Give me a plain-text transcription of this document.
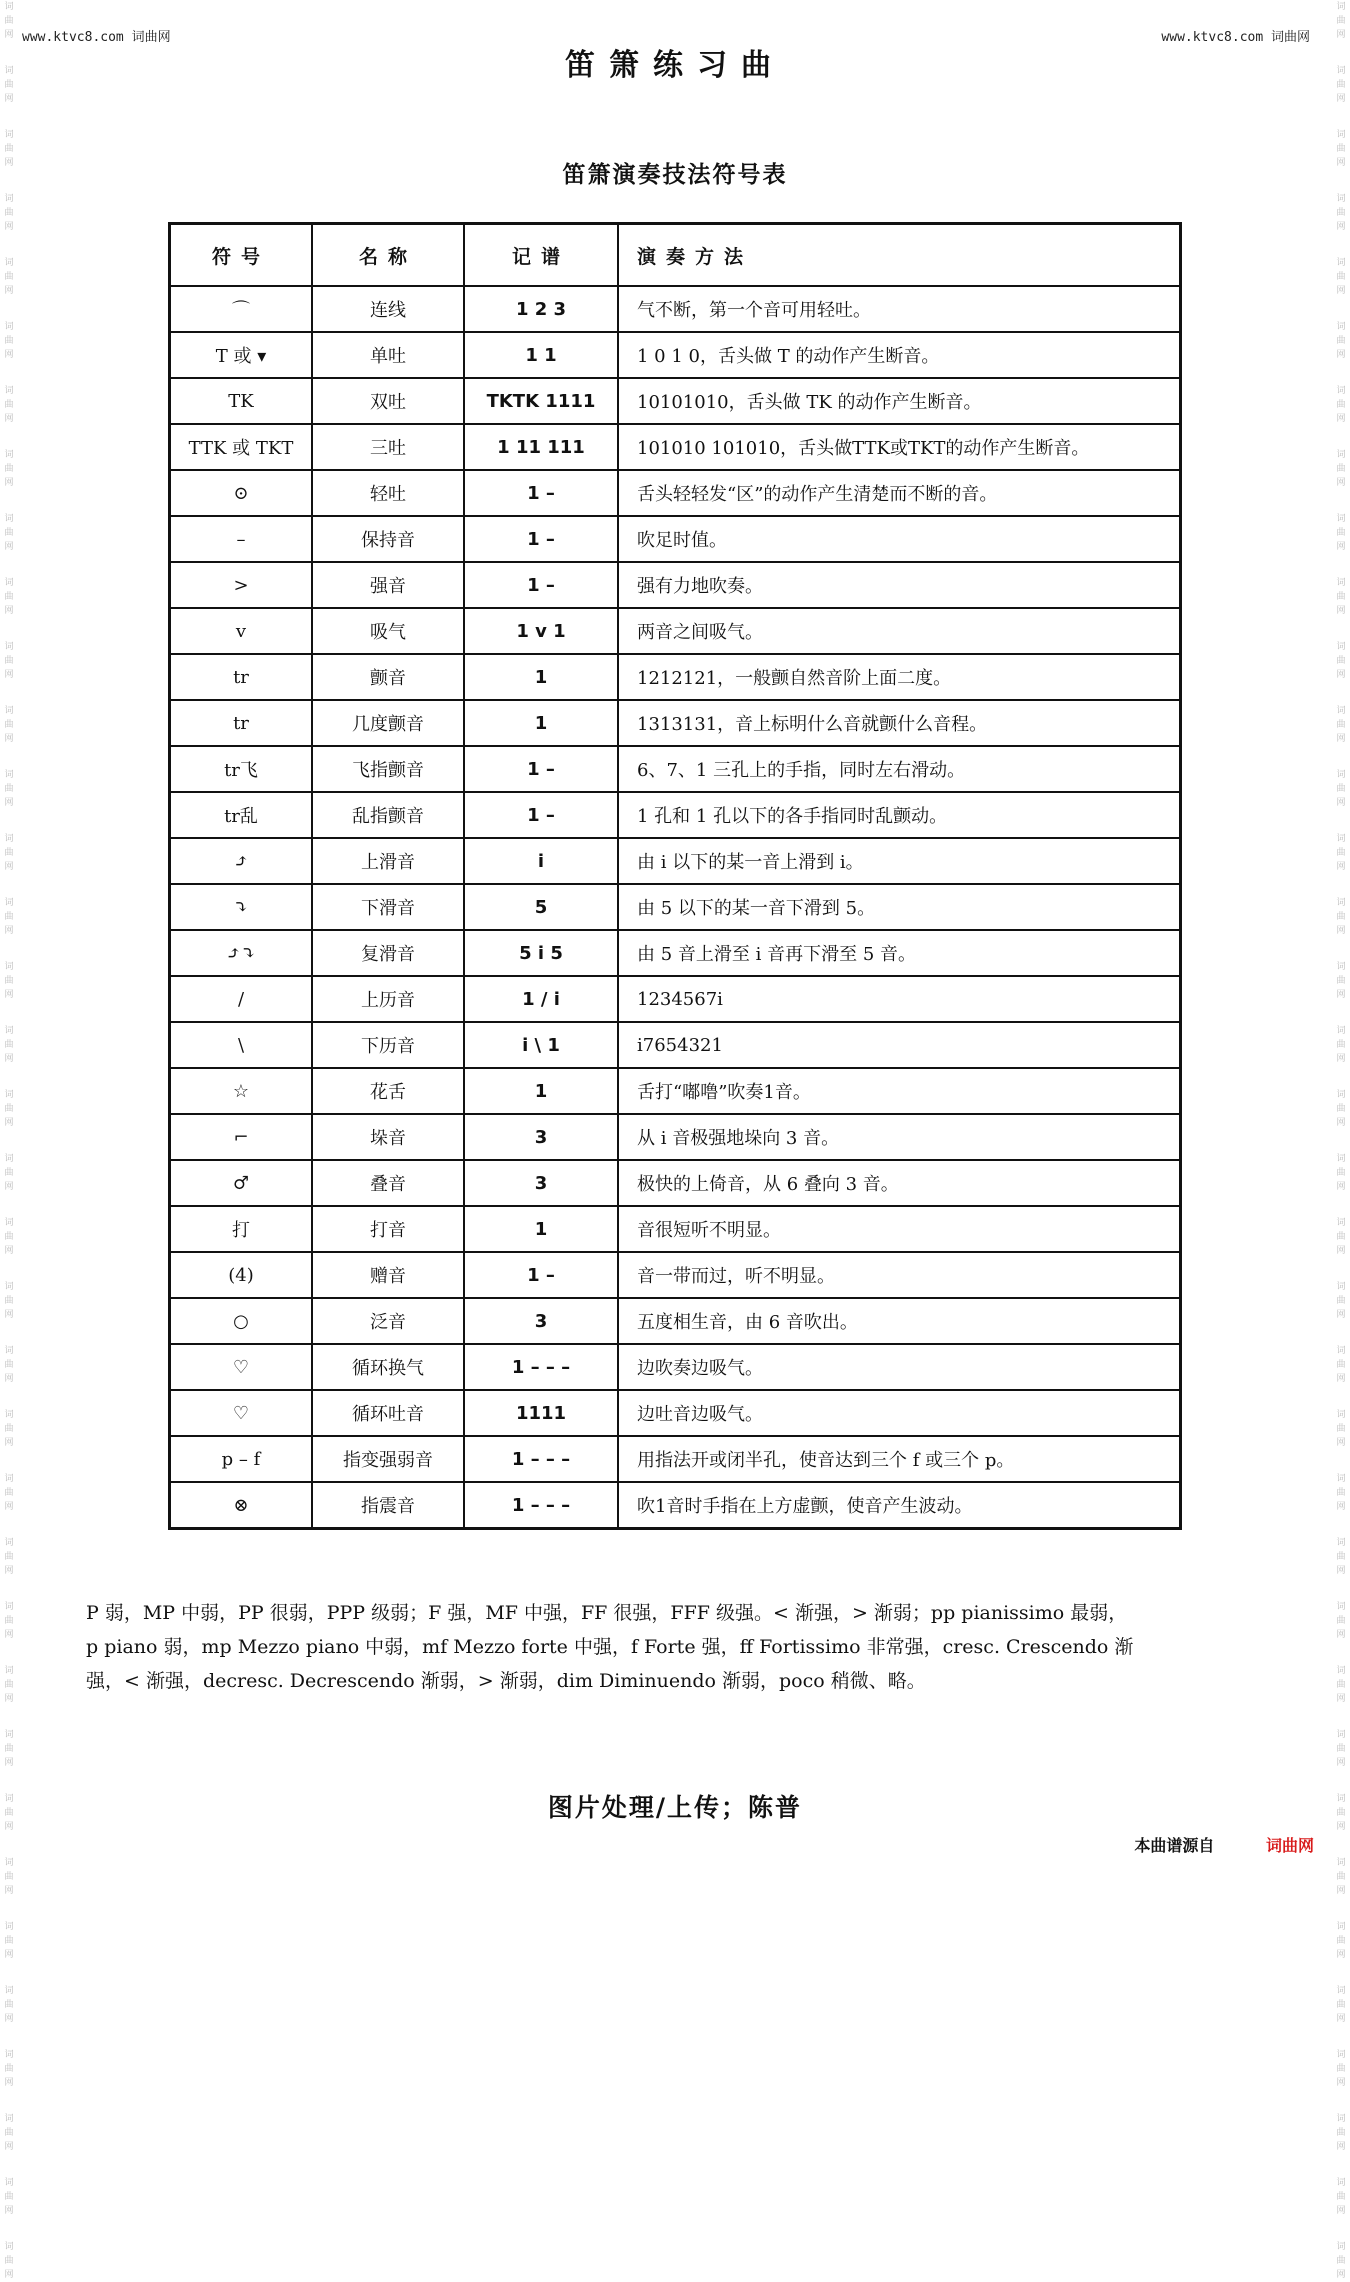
www.ktvc8.com 词曲网	www.ktvc8.com 词曲网
词曲网
词曲网
词曲网
词曲网
词曲网
词曲网
词曲网
词曲网
词曲网
词曲网
词曲网
词曲网
词曲网
词曲网
词曲网
词曲网
词曲网
词曲网
词曲网
词曲网
词曲网
词曲网
词曲网
词曲网
词曲网
词曲网
词曲网
词曲网
词曲网
词曲网
词曲网
词曲网
词曲网
词曲网
词曲网
词曲网
词曲网
词曲网
词曲网
词曲网
词曲网
词曲网
词曲网
词曲网
词曲网
词曲网
词曲网
词曲网
词曲网
词曲网
词曲网
词曲网
词曲网
词曲网
词曲网
词曲网
词曲网
词曲网
词曲网
词曲网
词曲网
词曲网
词曲网
词曲网
词曲网
词曲网
词曲网
词曲网
词曲网
词曲网
词曲网
词曲网
笛箫练习曲
笛箫演奏技法符号表
符号	名称	记谱	演奏方法
⌒	连线	1 2 3	气不断，第一个音可用轻吐。
T 或 ▾	单吐	1 1	1 0 1 0，舌头做 T 的动作产生断音。
TK	双吐	TKTK 1111	10101010，舌头做 TK 的动作产生断音。
TTK 或 TKT	三吐	1 11 111	101010 101010，舌头做TTK或TKT的动作产生断音。
⊙	轻吐	1 –	舌头轻轻发“区”的动作产生清楚而不断的音。
–	保持音	1 –	吹足时值。
>	强音	1 –	强有力地吹奏。
v	吸气	1 v 1	两音之间吸气。
tr	颤音	1	1212121，一般颤自然音阶上面二度。
tr	几度颤音	1	1313131，音上标明什么音就颤什么音程。
tr飞	飞指颤音	1 –	6、7、1 三孔上的手指，同时左右滑动。
tr乱	乱指颤音	1 –	1 孔和 1 孔以下的各手指同时乱颤动。
⤴	上滑音	i	由 i 以下的某一音上滑到 i。
⤵	下滑音	5	由 5 以下的某一音下滑到 5。
⤴⤵	复滑音	5 i 5	由 5 音上滑至 i 音再下滑至 5 音。
/	上历音	1 / i	1234567i
\	下历音	i \ 1	i7654321
☆	花舌	1	舌打“嘟噜”吹奏1音。
⌐	垛音	3	从 i 音极强地垛向 3 音。
♂	叠音	3	极快的上倚音，从 6 叠向 3 音。
打	打音	1	音很短听不明显。
(4)	赠音	1 –	音一带而过，听不明显。
○	泛音	3	五度相生音，由 6 音吹出。
♡	循环换气	1 – – –	边吹奏边吸气。
♡	循环吐音	1111	边吐音边吸气。
p – f	指变强弱音	1 – – –	用指法开或闭半孔，使音达到三个 f 或三个 p。
⊗	指震音	1 – – –	吹1音时手指在上方虚颤，使音产生波动。
P 弱，MP 中弱，PP 很弱，PPP 级弱；F 强，MF 中强，FF 很强，FFF 级强。< 渐强，> 渐弱；pp pianissimo 最弱，
p piano 弱，mp Mezzo piano 中弱，mf Mezzo forte 中强，f Forte 强，ff Fortissimo 非常强，cresc. Crescendo 渐
强，< 渐强，decresc. Decrescendo 渐弱，> 渐弱，dim Diminuendo 渐弱，poco 稍微、略。
图片处理/上传；陈普
本曲谱源自	词曲网
